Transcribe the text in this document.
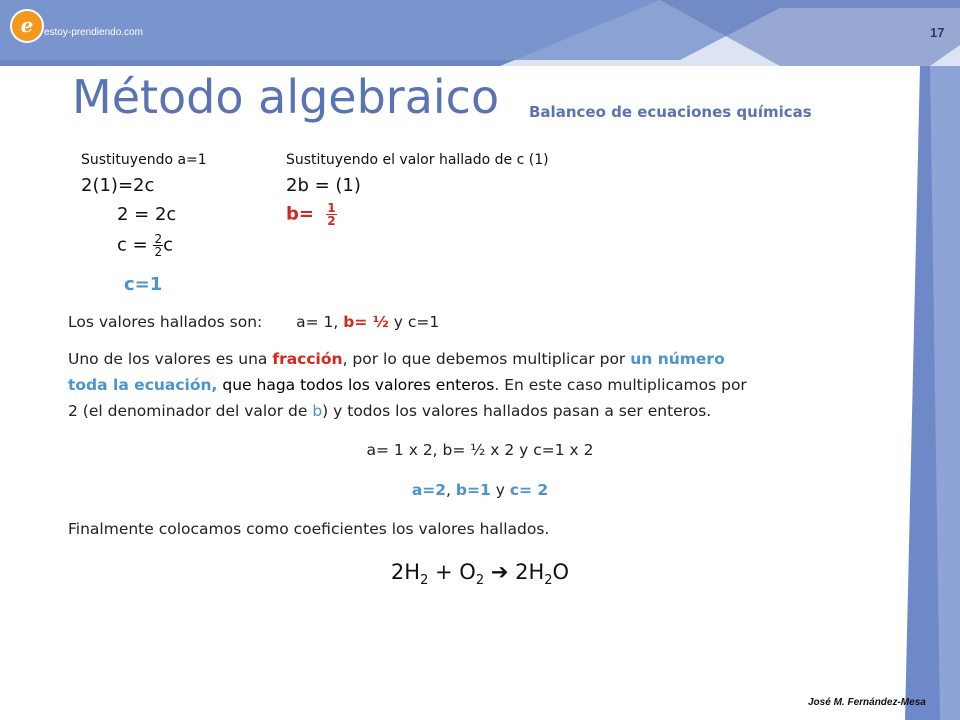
e	estoy-prendiendo.com	17
Método algebraico Balanceo de ecuaciones químicas
Sustituyendo a=1
2(1)=2c
2 = 2c
$c = \frac{2}{2}$ c
c=1
Sustituyendo el valor hallado de c (1)
2b = (1)
$b= \frac{1}{2}$
Los valores hallados son: a= 1, b= ½ y c=1
Uno de los valores es una fracción, por lo que debemos multiplicar por un número
toda la ecuación, que haga todos los valores enteros. En este caso multiplicamos por
2 (el denominador del valor de b) y todos los valores hallados pasan a ser enteros.
a= 1 x 2, b= ½ x 2 y c=1 x 2
a=2, b=1 y c= 2
Finalmente colocamos como coeficientes los valores hallados.
$2H_2 + O_2$ ➔ $2H_2O$
José M. Fernández-Mesa
